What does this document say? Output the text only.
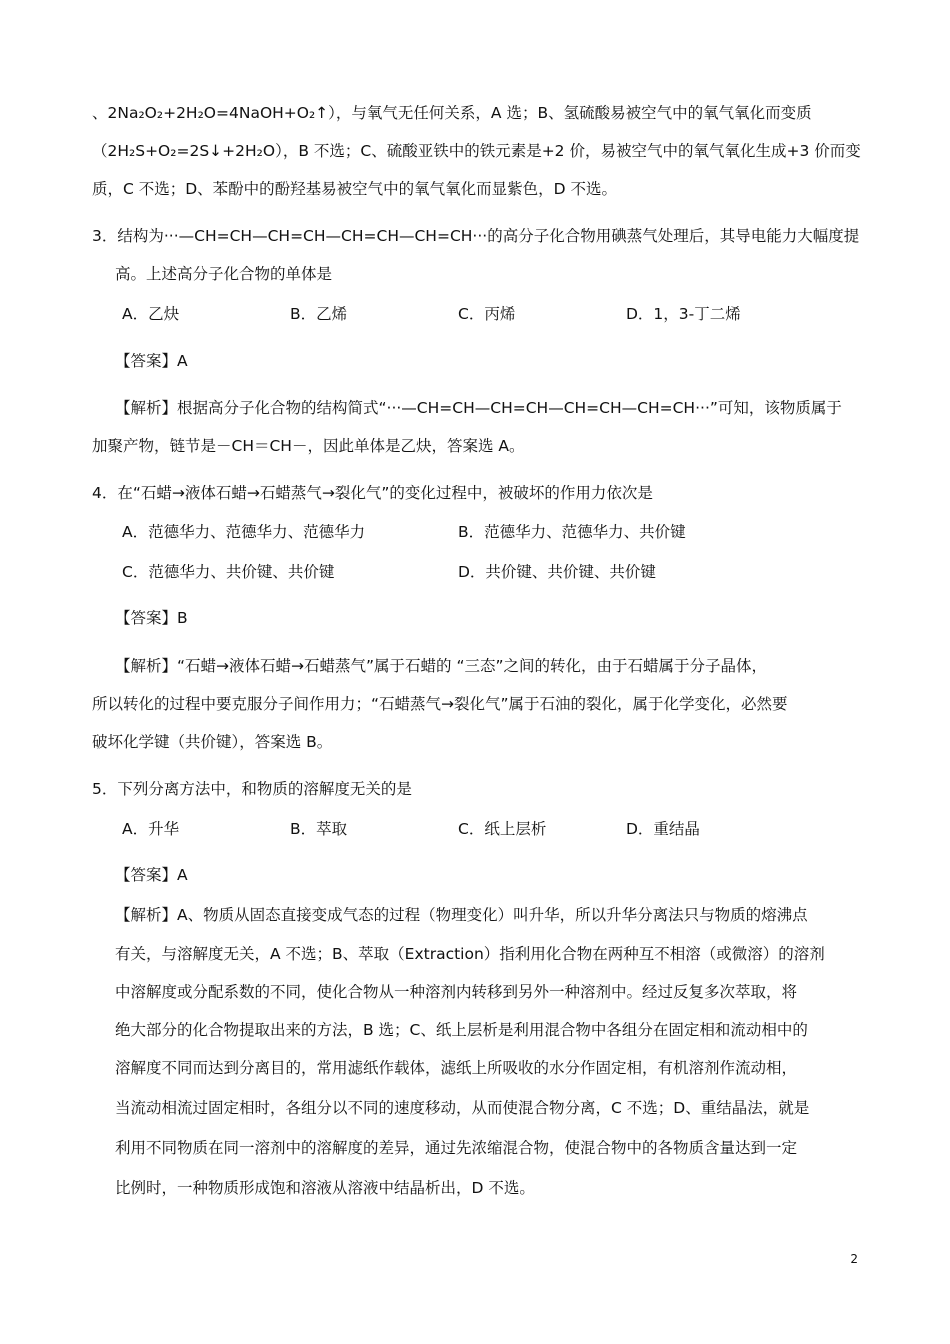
、2Na₂O₂+2H₂O=4NaOH+O₂↑），与氧气无任何关系，A 选；B、氢硫酸易被空气中的氧气氧化而变质
（2H₂S+O₂=2S↓+2H₂O），B 不选；C、硫酸亚铁中的铁元素是+2 价，易被空气中的氧气氧化生成+3 价而变
质，C 不选；D、苯酚中的酚羟基易被空气中的氧气氧化而显紫色，D 不选。
3．结构为···—CH=CH—CH=CH—CH=CH—CH=CH···的高分子化合物用碘蒸气处理后，其导电能力大幅度提
高。上述高分子化合物的单体是
A．乙炔	B．乙烯	C．丙烯	D．1，3-丁二烯
【答案】A
【解析】根据高分子化合物的结构简式“···—CH=CH—CH=CH—CH=CH—CH=CH···”可知，该物质属于
加聚产物，链节是－CH＝CH－，因此单体是乙炔，答案选 A。
4．在“石蜡→液体石蜡→石蜡蒸气→裂化气”的变化过程中，被破坏的作用力依次是
A．范德华力、范德华力、范德华力	B．范德华力、范德华力、共价键
C．范德华力、共价键、共价键	D．共价键、共价键、共价键
【答案】B
【解析】“石蜡→液体石蜡→石蜡蒸气”属于石蜡的 “三态”之间的转化，由于石蜡属于分子晶体，
所以转化的过程中要克服分子间作用力；“石蜡蒸气→裂化气”属于石油的裂化，属于化学变化，必然要
破坏化学键（共价键），答案选 B。
5．下列分离方法中，和物质的溶解度无关的是
A．升华	B．萃取	C．纸上层析	D．重结晶
【答案】A
【解析】A、物质从固态直接变成气态的过程（物理变化）叫升华，所以升华分离法只与物质的熔沸点
有关，与溶解度无关，A 不选；B、萃取（Extraction）指利用化合物在两种互不相溶（或微溶）的溶剂
中溶解度或分配系数的不同，使化合物从一种溶剂内转移到另外一种溶剂中。经过反复多次萃取，将
绝大部分的化合物提取出来的方法，B 选；C、纸上层析是利用混合物中各组分在固定相和流动相中的
溶解度不同而达到分离目的，常用滤纸作载体，滤纸上所吸收的水分作固定相，有机溶剂作流动相，
当流动相流过固定相时，各组分以不同的速度移动，从而使混合物分离，C 不选；D、重结晶法，就是
利用不同物质在同一溶剂中的溶解度的差异，通过先浓缩混合物，使混合物中的各物质含量达到一定
比例时，一种物质形成饱和溶液从溶液中结晶析出，D 不选。
2
